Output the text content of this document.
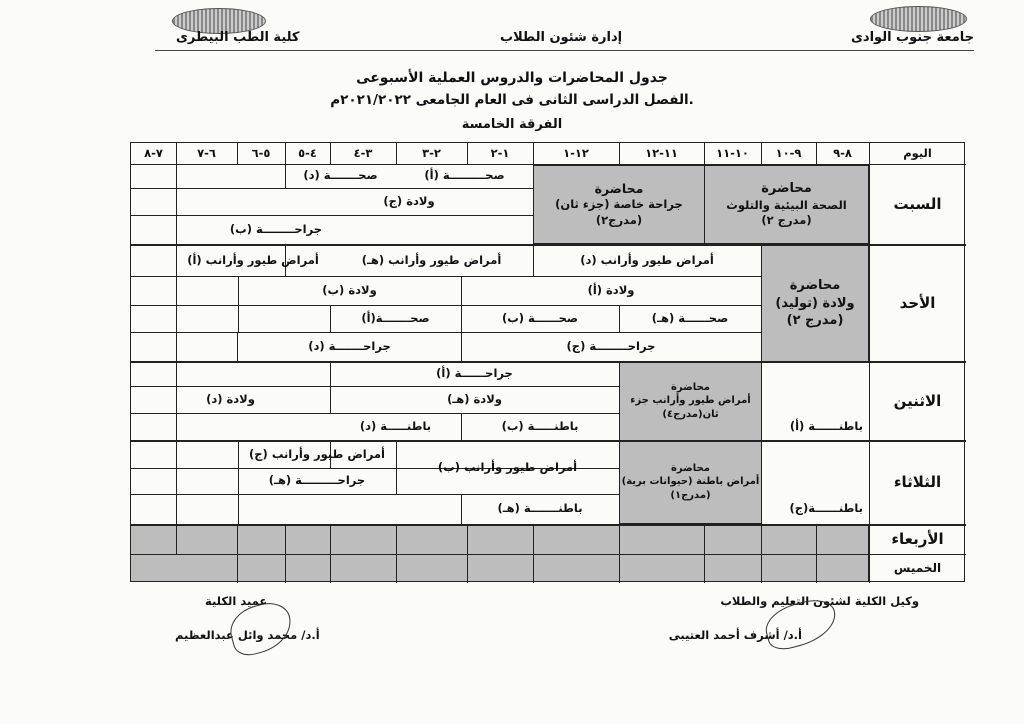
جامعة جنوب الوادى
إدارة شئون الطلاب
كلية الطب البيطرى
جدول المحاضرات والدروس العملية الأسبوعى
الفصل الدراسى الثانى فى العام الجامعى ٢٠٢١/٢٠٢٢م.
الفرقة الخامسة
محاضرة
الصحة البيئية والتلوث
(مدرج ٢)
محاضرة
جراحة خاصة (جزء ثان)
(مدرج٢)
محاضرة
ولادة (توليد)
(مدرج ٢)
محاضرة
أمراض طيور وأرانب جزء ثان(مدرج٤)
محاضرة
أمراض باطنة (حيوانات برية)
(مدرج١)
اليوم
٨-٩
٩-١٠
١٠-١١
١١-١٢
١٢-١
١-٢
٢-٣
٣-٤
٤-٥
٥-٦
٦-٧
٧-٨
السبت
الأحد
الاثنين
الثلاثاء
الأربعاء
الخميس
صحـــــــــة (أ)
صحـــــــة (د)
ولادة (ج)
جراحــــــــة (ب)
أمراض طيور وأرانب (د)
أمراض طيور وأرانب (هـ)
أمراض طيور وأرانب (أ)
ولادة (أ)
ولادة (ب)
صحــــــة (هـ)
صحــــــة (ب)
صحـــــــة(أ)
جراحــــــــة (ج)
جراحـــــــة (د)
باطنــــــة (أ)
جراحــــــة (أ)
ولادة (هـ)
ولادة (د)
باطنـــــة (ب)
باطنـــــة (د)
باطنــــــة(ج)
أمراض طيور وأرانب (ب)
أمراض طيور وأرانب (ج)
جراحـــــــــة (هـ)
باطنـــــــة (هـ)
وكيل الكلية لشئون التعليم والطلاب
أ.د/ أشرف أحمد العتيبى
عميد الكلية
أ.د/ محمد وائل عبدالعظيم
